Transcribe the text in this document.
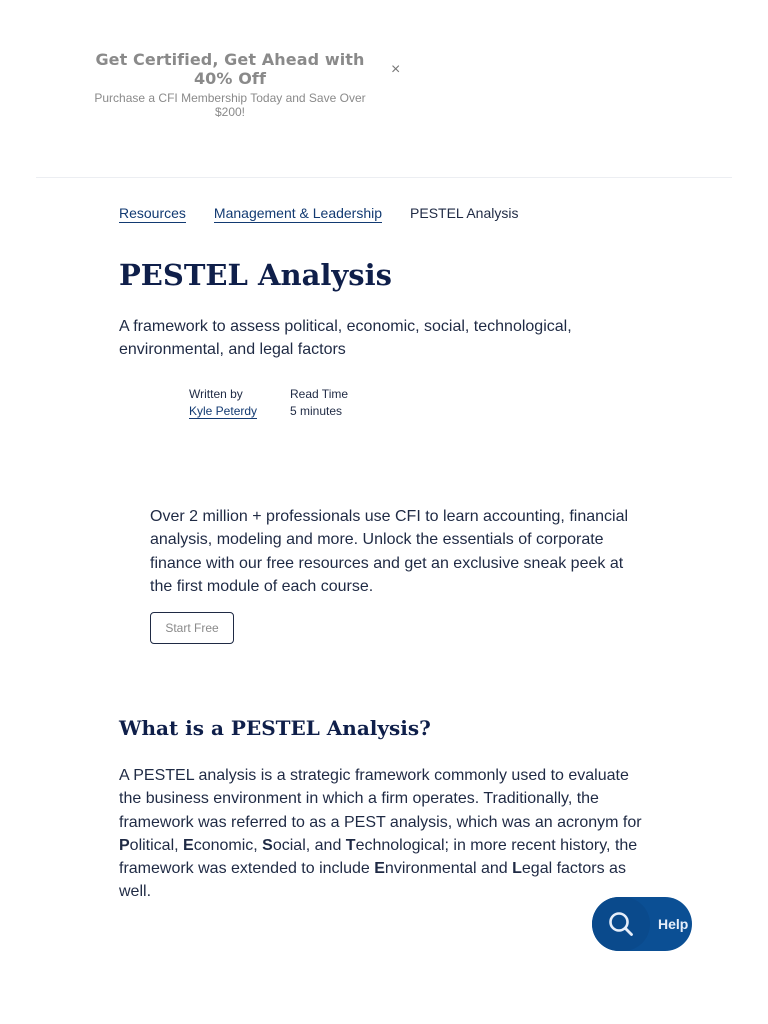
Get Certified, Get Ahead with 40% Off
Purchase a CFI Membership Today and Save Over $200!
×
Resources Management & Leadership PESTEL Analysis
PESTEL Analysis

A framework to assess political, economic, social, technological, environmental, and legal factors

Written by
Kyle Peterdy
Read Time
5 minutes

Over 2 million + professionals use CFI to learn accounting, financial analysis, modeling and more. Unlock the essentials of corporate finance with our free resources and get an exclusive sneak peek at the first module of each course.

Start Free
What is a PESTEL Analysis?

A PESTEL analysis is a strategic framework commonly used to evaluate the business environment in which a firm operates. Traditionally, the framework was referred to as a PEST analysis, which was an acronym for Political, Economic, Social, and Technological; in more recent history, the framework was extended to include Environmental and Legal factors as well.

Help
